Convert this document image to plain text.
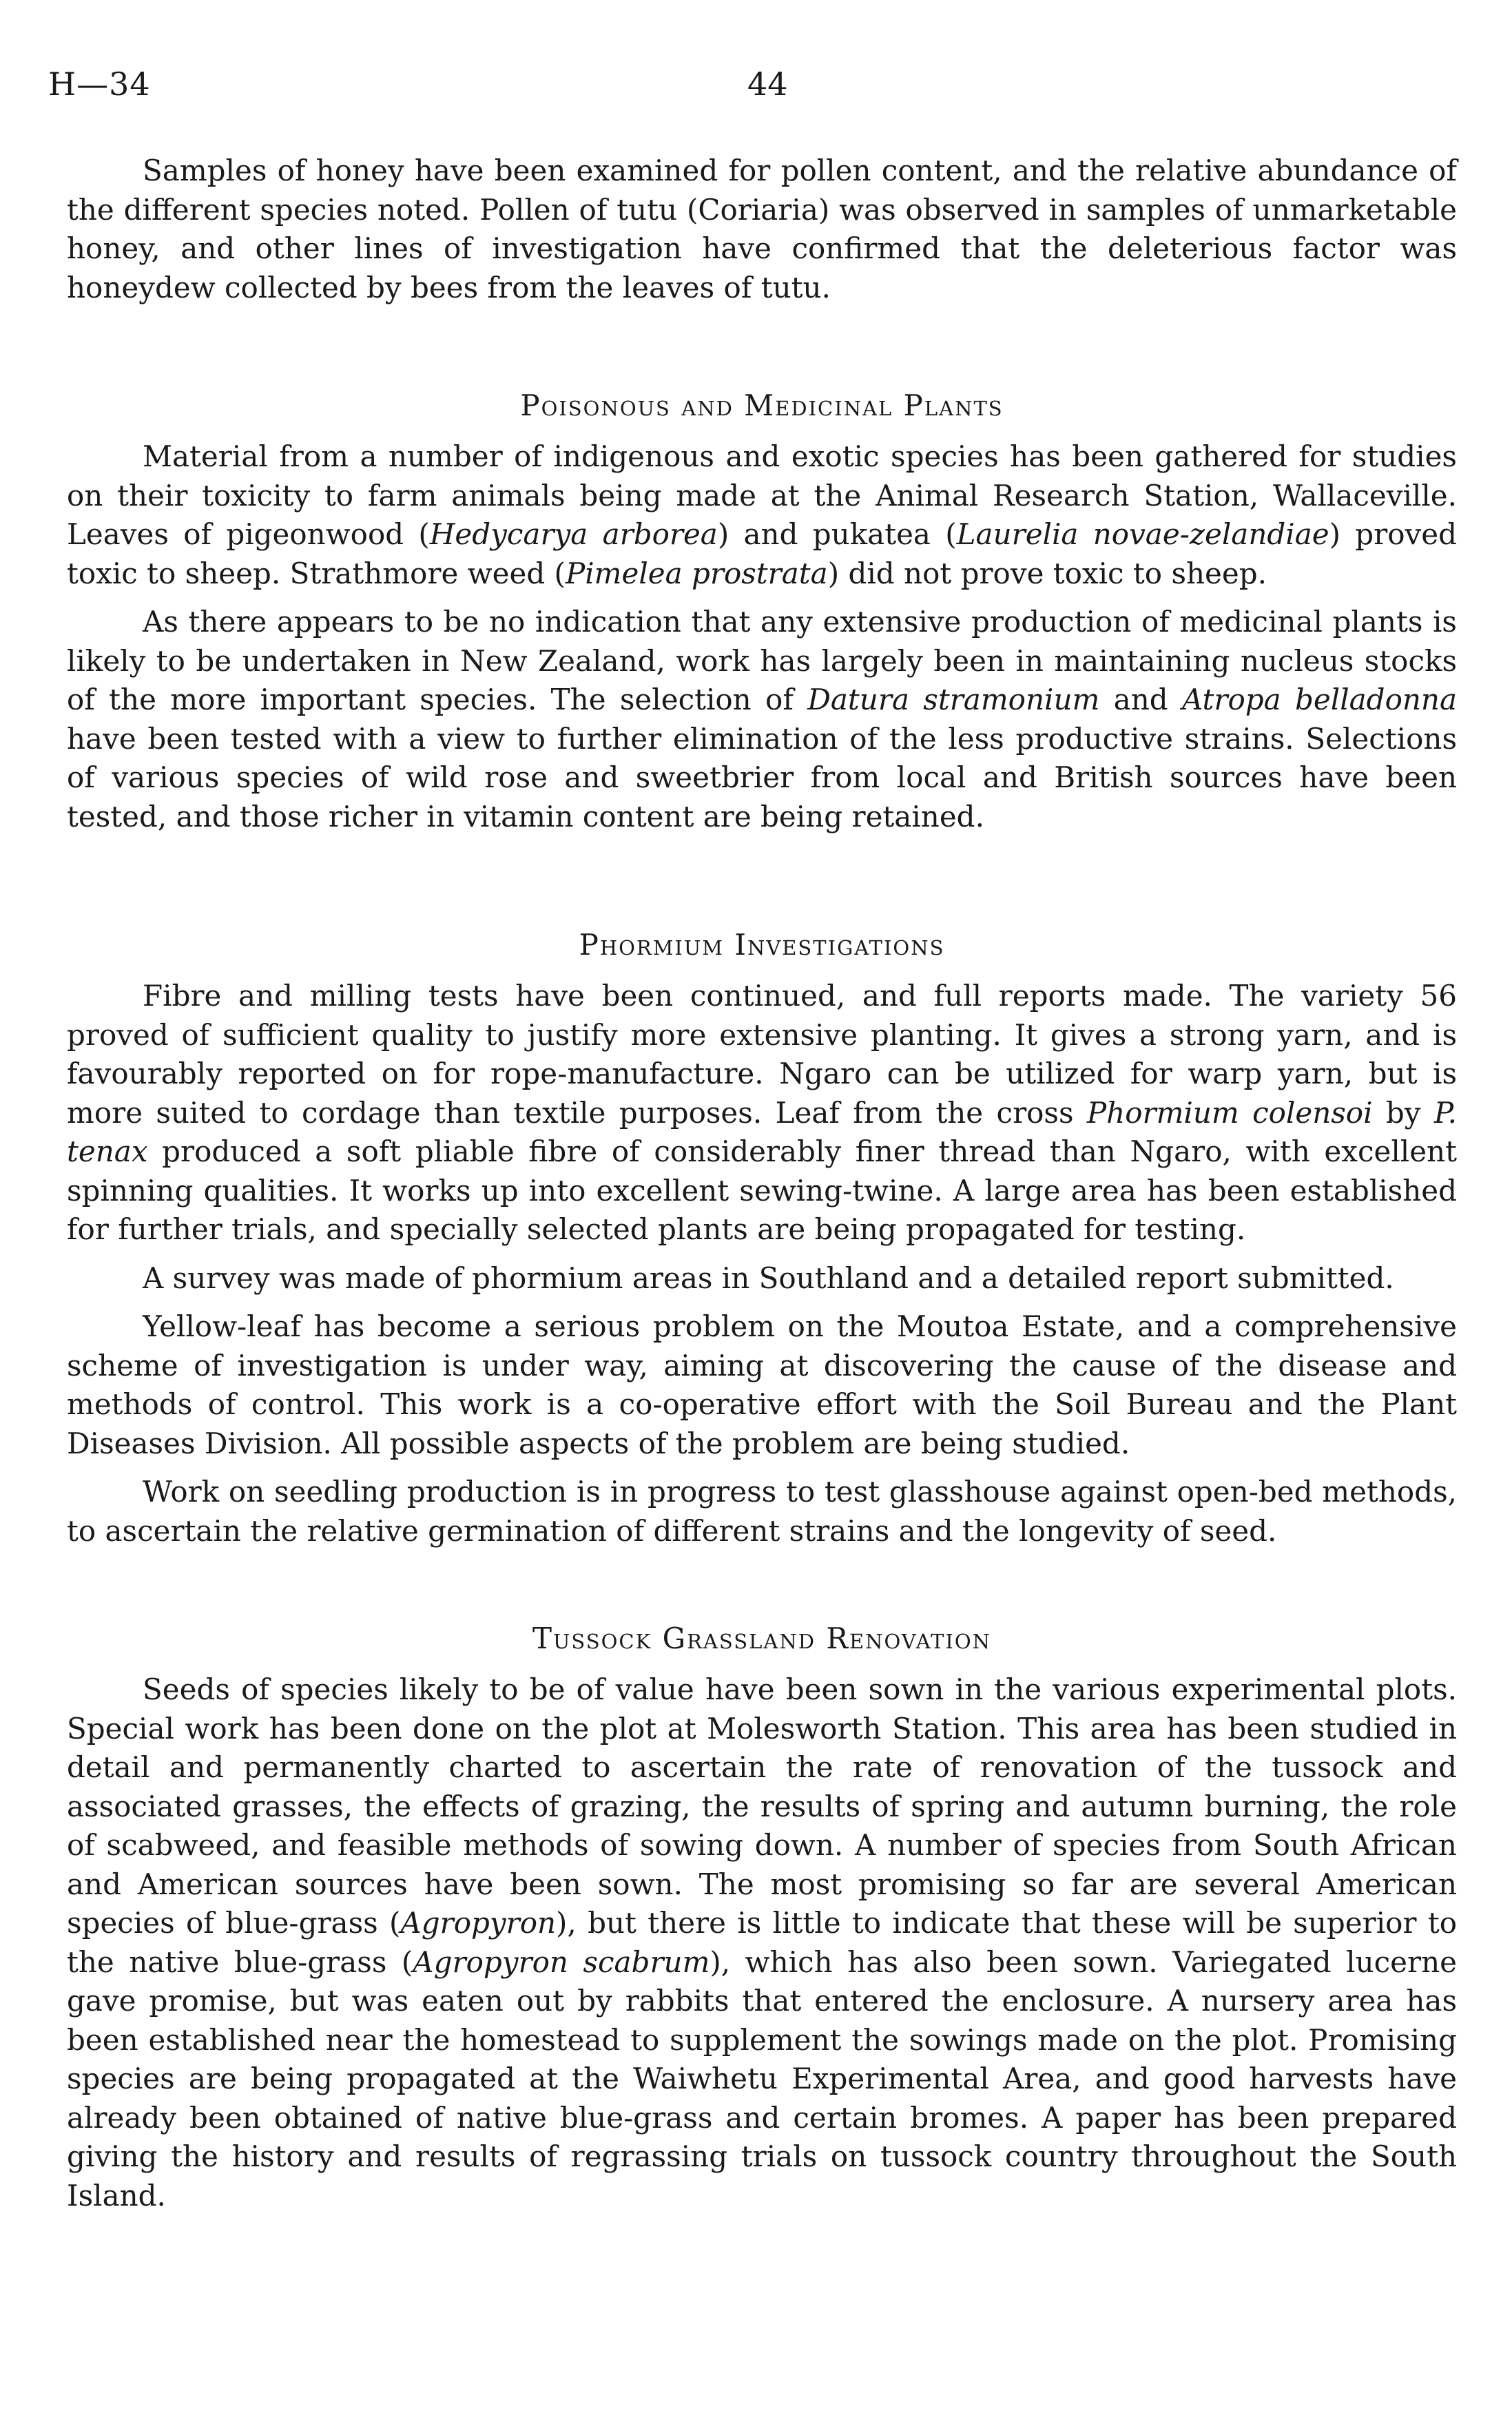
H—34	44

Samples of honey have been examined for pollen content, and the relative abundance of the different species noted. Pollen of tutu (Coriaria) was observed in samples of unmarketable honey, and other lines of investigation have confirmed that the deleterious factor was honeydew collected by bees from the leaves of tutu.

Poisonous and Medicinal Plants

Material from a number of indigenous and exotic species has been gathered for studies on their toxicity to farm animals being made at the Animal Research Station, Wallaceville. Leaves of pigeonwood (Hedycarya arborea) and pukatea (Laurelia novae-zelandiae) proved toxic to sheep. Strathmore weed (Pimelea prostrata) did not prove toxic to sheep.

As there appears to be no indication that any extensive production of medicinal plants is likely to be undertaken in New Zealand, work has largely been in maintaining nucleus stocks of the more important species. The selection of Datura stramonium and Atropa belladonna have been tested with a view to further elimination of the less productive strains. Selections of various species of wild rose and sweetbrier from local and British sources have been tested, and those richer in vitamin content are being retained.

Phormium Investigations

Fibre and milling tests have been continued, and full reports made. The variety 56 proved of sufficient quality to justify more extensive planting. It gives a strong yarn, and is favourably reported on for rope-manufacture. Ngaro can be utilized for warp yarn, but is more suited to cordage than textile purposes. Leaf from the cross Phormium colensoi by P. tenax produced a soft pliable fibre of considerably finer thread than Ngaro, with excellent spinning qualities. It works up into excellent sewing-twine. A large area has been established for further trials, and specially selected plants are being propagated for testing.

A survey was made of phormium areas in Southland and a detailed report submitted.

Yellow-leaf has become a serious problem on the Moutoa Estate, and a comprehensive scheme of investigation is under way, aiming at discovering the cause of the disease and methods of control. This work is a co-operative effort with the Soil Bureau and the Plant Diseases Division. All possible aspects of the problem are being studied.

Work on seedling production is in progress to test glasshouse against open-bed methods, to ascertain the relative germination of different strains and the longevity of seed.

Tussock Grassland Renovation

Seeds of species likely to be of value have been sown in the various experimental plots. Special work has been done on the plot at Molesworth Station. This area has been studied in detail and permanently charted to ascertain the rate of renovation of the tussock and associated grasses, the effects of grazing, the results of spring and autumn burning, the role of scabweed, and feasible methods of sowing down. A number of species from South African and American sources have been sown. The most promising so far are several American species of blue-grass (Agropyron), but there is little to indicate that these will be superior to the native blue-grass (Agropyron scabrum), which has also been sown. Variegated lucerne gave promise, but was eaten out by rabbits that entered the enclosure. A nursery area has been established near the homestead to supplement the sowings made on the plot. Promising species are being propagated at the Waiwhetu Experimental Area, and good harvests have already been obtained of native blue-grass and certain bromes. A paper has been prepared giving the history and results of regrassing trials on tussock country throughout the South Island.
